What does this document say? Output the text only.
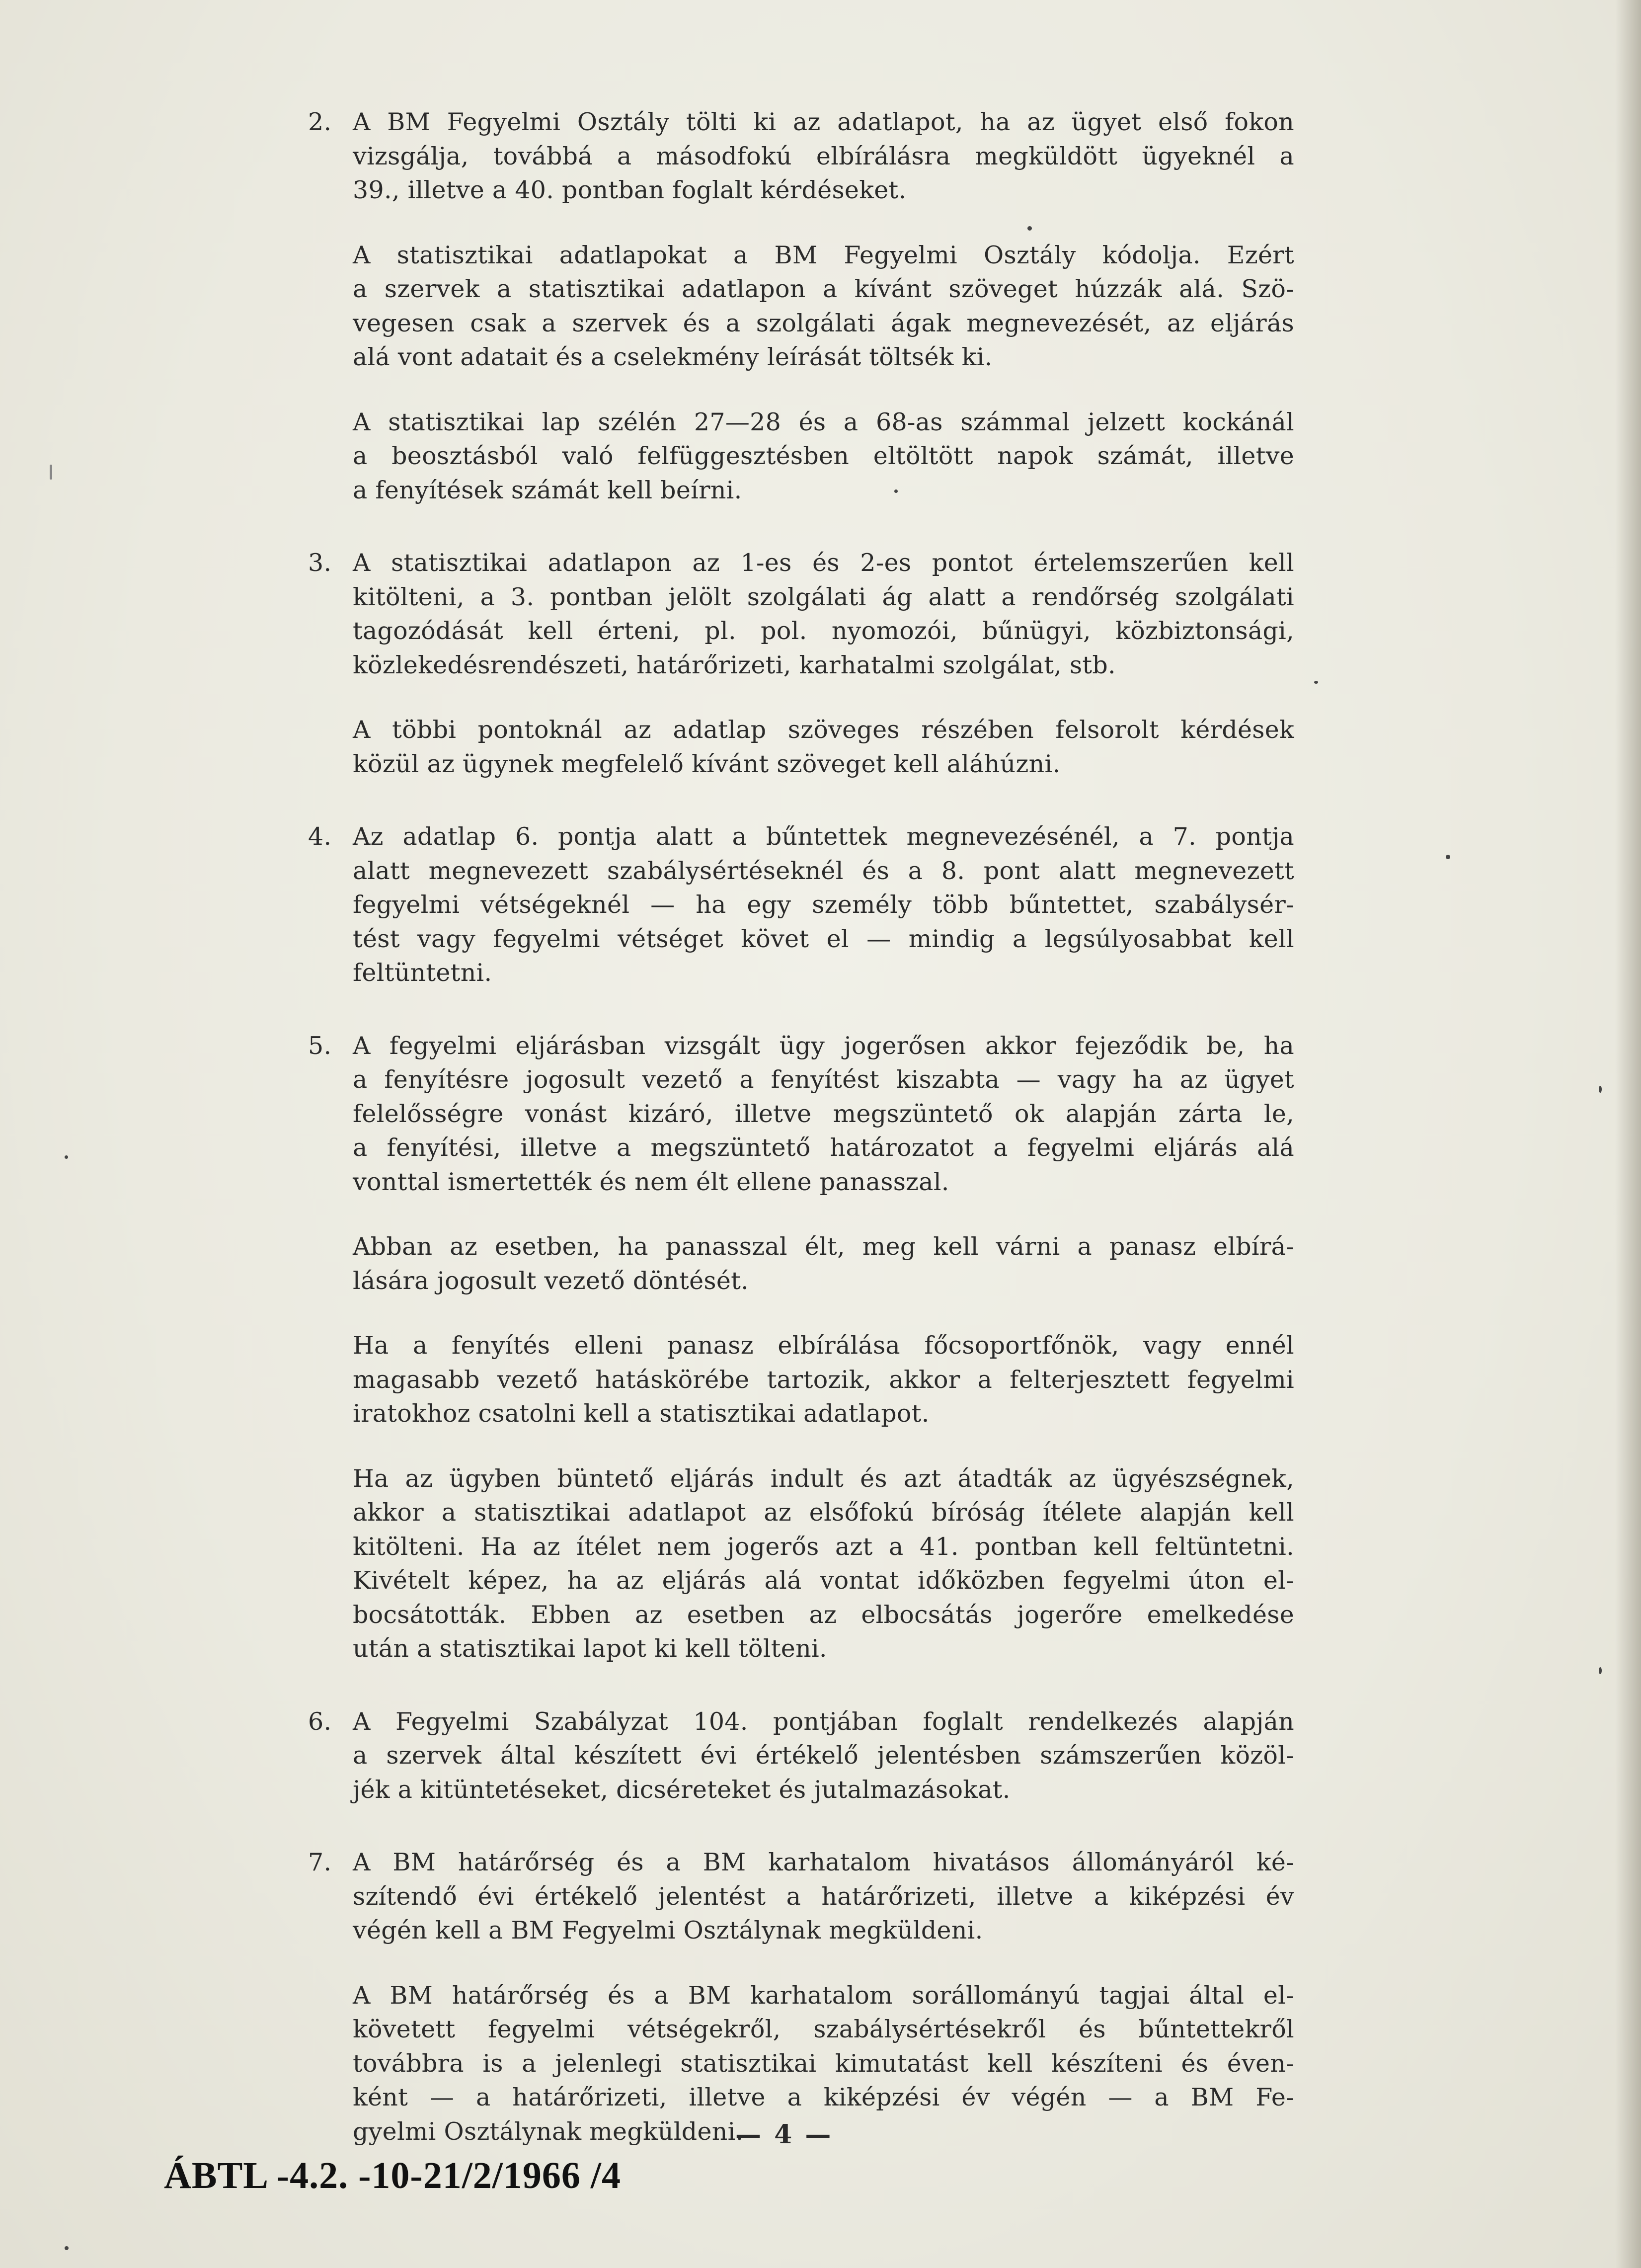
2. A BM Fegyelmi Osztály tölti ki az adatlapot, ha az ügyet első fokon
vizsgálja, továbbá a másodfokú elbírálásra megküldött ügyeknél a
39., illetve a 40. pontban foglalt kérdéseket.
A statisztikai adatlapokat a BM Fegyelmi Osztály kódolja. Ezért
a szervek a statisztikai adatlapon a kívánt szöveget húzzák alá. Szö-
vegesen csak a szervek és a szolgálati ágak megnevezését, az eljárás
alá vont adatait és a cselekmény leírását töltsék ki.
A statisztikai lap szélén 27—28 és a 68-as számmal jelzett kockánál
a beosztásból való felfüggesztésben eltöltött napok számát, illetve
a fenyítések számát kell beírni.
3. A statisztikai adatlapon az 1-es és 2-es pontot értelemszerűen kell
kitölteni, a 3. pontban jelölt szolgálati ág alatt a rendőrség szolgálati
tagozódását kell érteni, pl. pol. nyomozói, bűnügyi, közbiztonsági,
közlekedésrendészeti, határőrizeti, karhatalmi szolgálat, stb.
A többi pontoknál az adatlap szöveges részében felsorolt kérdések
közül az ügynek megfelelő kívánt szöveget kell aláhúzni.
4. Az adatlap 6. pontja alatt a bűntettek megnevezésénél, a 7. pontja
alatt megnevezett szabálysértéseknél és a 8. pont alatt megnevezett
fegyelmi vétségeknél — ha egy személy több bűntettet, szabálysér-
tést vagy fegyelmi vétséget követ el — mindig a legsúlyosabbat kell
feltüntetni.
5. A fegyelmi eljárásban vizsgált ügy jogerősen akkor fejeződik be, ha
a fenyítésre jogosult vezető a fenyítést kiszabta — vagy ha az ügyet
felelősségre vonást kizáró, illetve megszüntető ok alapján zárta le,
a fenyítési, illetve a megszüntető határozatot a fegyelmi eljárás alá
vonttal ismertették és nem élt ellene panasszal.
Abban az esetben, ha panasszal élt, meg kell várni a panasz elbírá-
lására jogosult vezető döntését.
Ha a fenyítés elleni panasz elbírálása főcsoportfőnök, vagy ennél
magasabb vezető hatáskörébe tartozik, akkor a felterjesztett fegyelmi
iratokhoz csatolni kell a statisztikai adatlapot.
Ha az ügyben büntető eljárás indult és azt átadták az ügyészségnek,
akkor a statisztikai adatlapot az elsőfokú bíróság ítélete alapján kell
kitölteni. Ha az ítélet nem jogerős azt a 41. pontban kell feltüntetni.
Kivételt képez, ha az eljárás alá vontat időközben fegyelmi úton el-
bocsátották. Ebben az esetben az elbocsátás jogerőre emelkedése
után a statisztikai lapot ki kell tölteni.
6. A Fegyelmi Szabályzat 104. pontjában foglalt rendelkezés alapján
a szervek által készített évi értékelő jelentésben számszerűen közöl-
jék a kitüntetéseket, dicséreteket és jutalmazásokat.
7. A BM határőrség és a BM karhatalom hivatásos állományáról ké-
szítendő évi értékelő jelentést a határőrizeti, illetve a kiképzési év
végén kell a BM Fegyelmi Osztálynak megküldeni.
A BM határőrség és a BM karhatalom sorállományú tagjai által el-
követett fegyelmi vétségekről, szabálysértésekről és bűntettekről
továbbra is a jelenlegi statisztikai kimutatást kell készíteni és éven-
ként — a határőrizeti, illetve a kiképzési év végén — a BM Fe-
gyelmi Osztálynak megküldeni.
— 4 —
ÁBTL -4.2. -10-21/2/1966 /4
